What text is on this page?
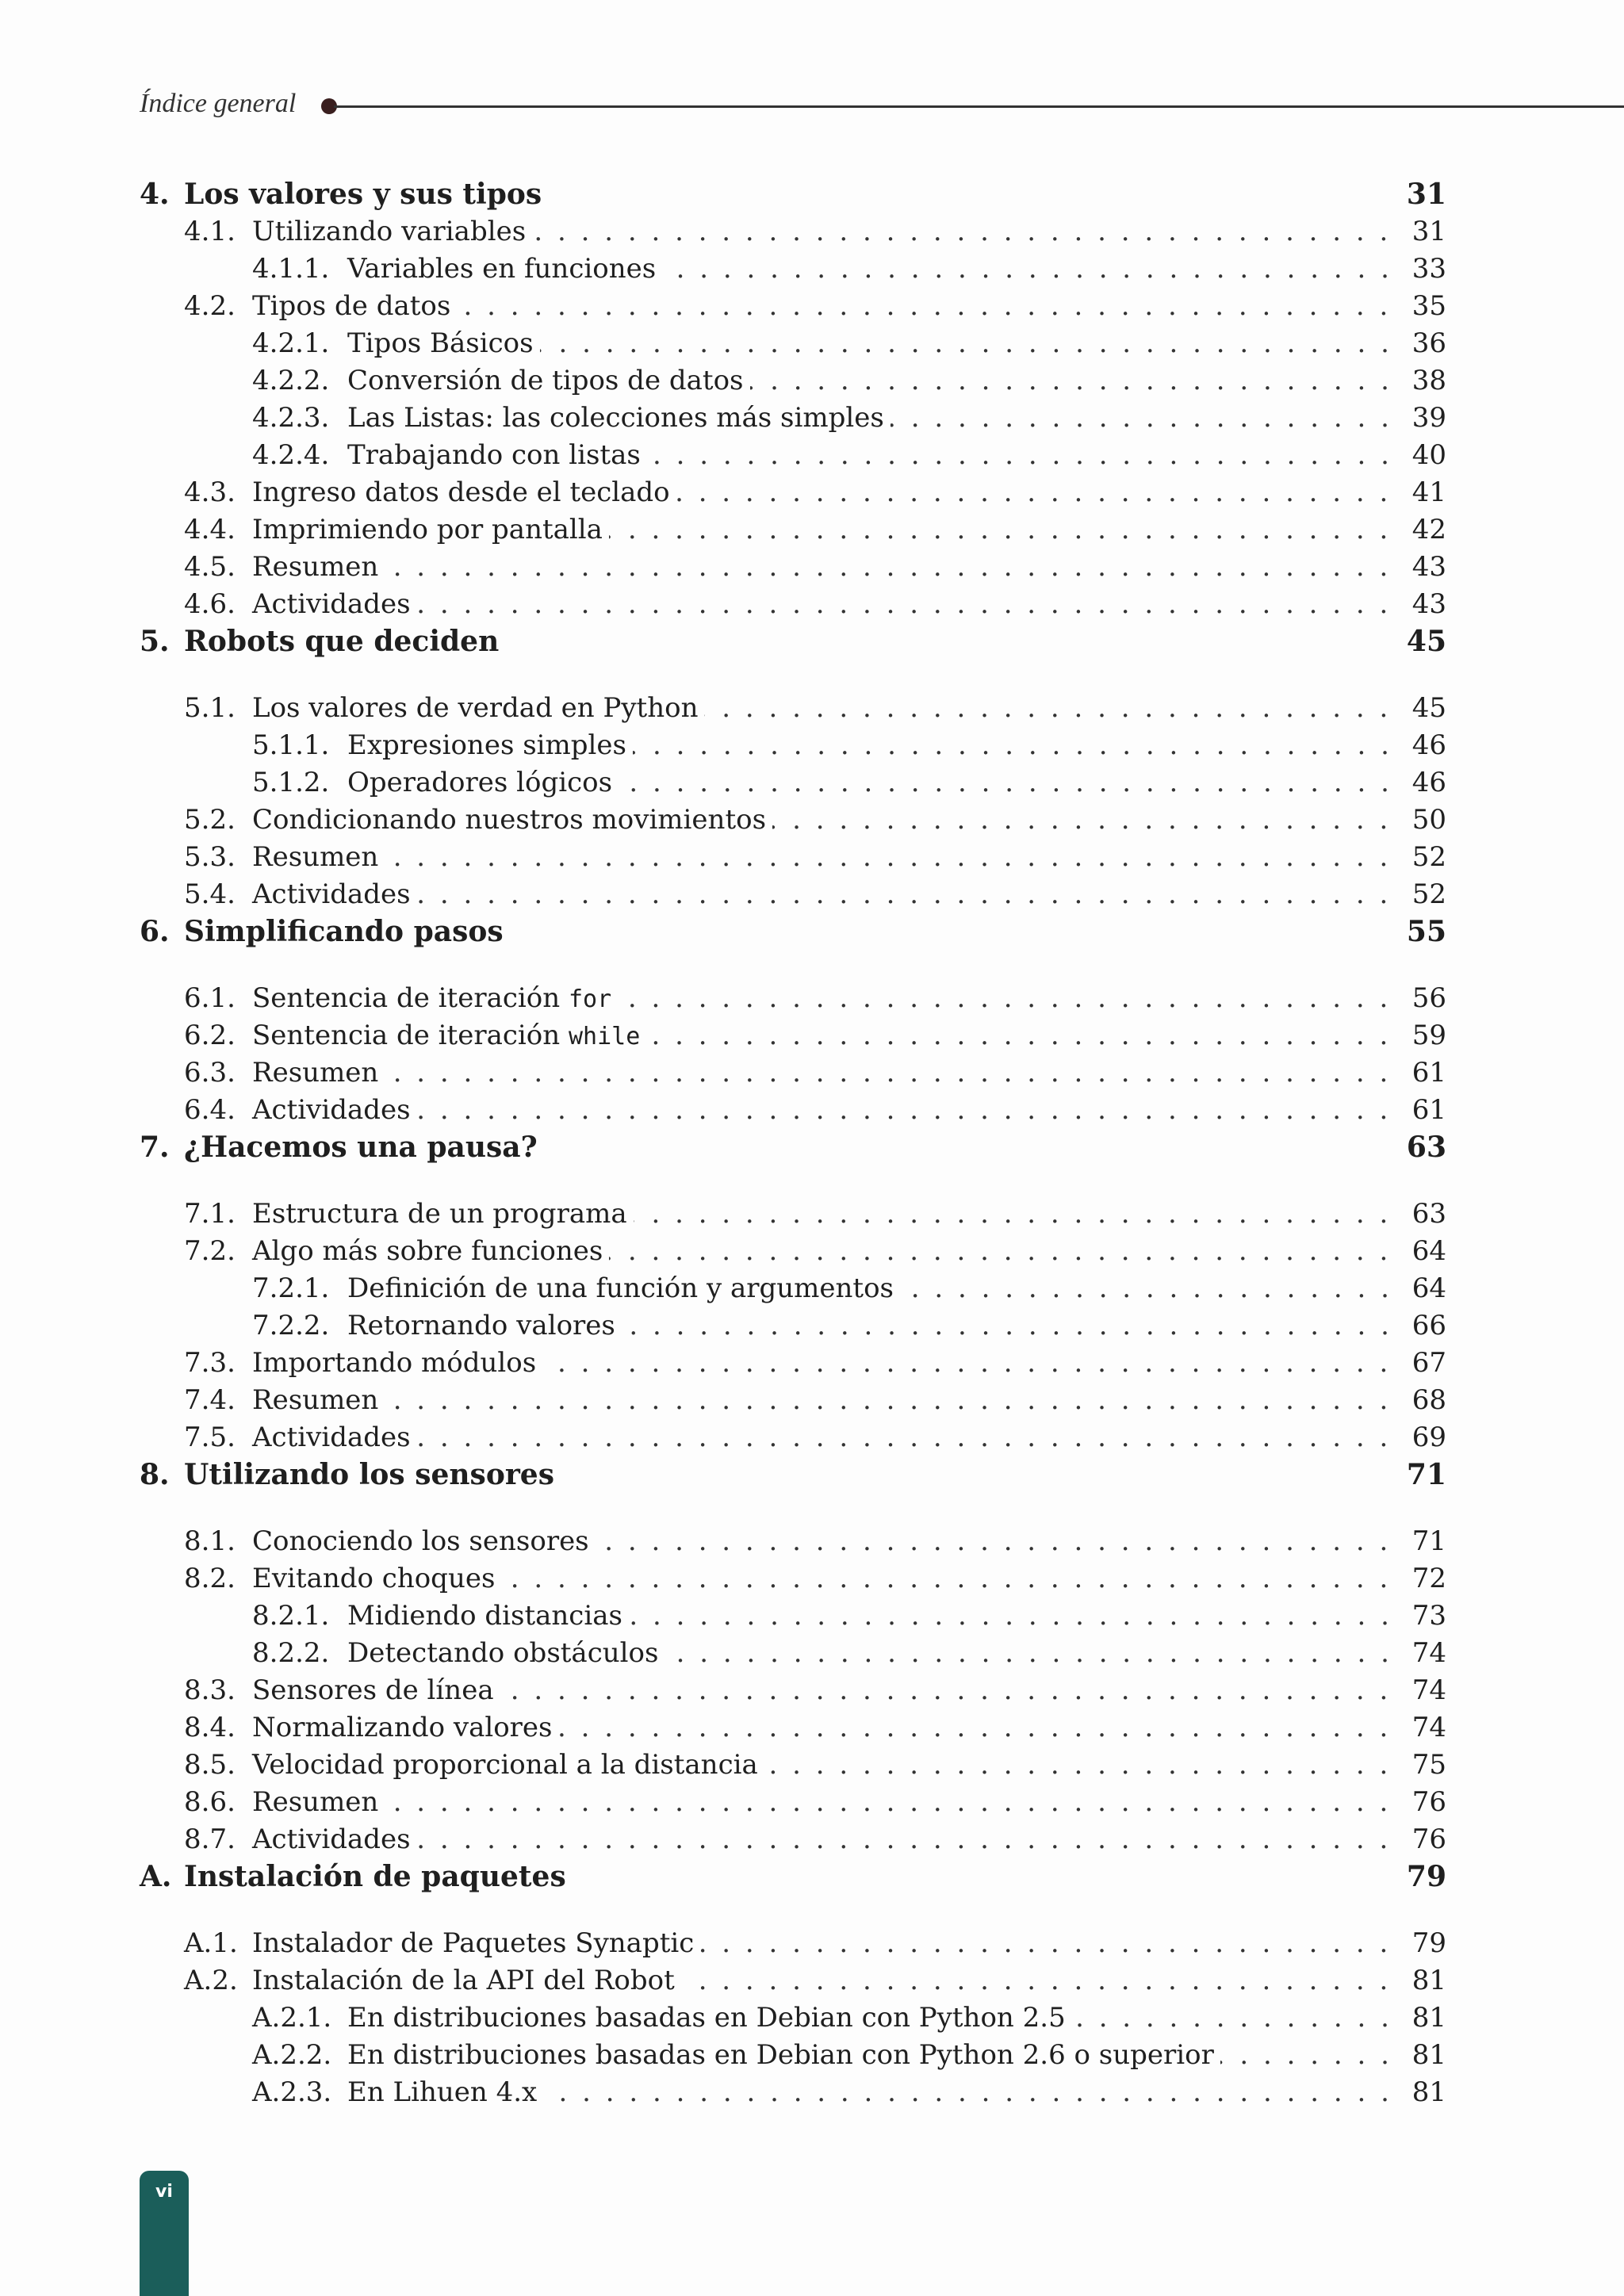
Índice general
4. Los valores y sus tipos	31
. . .
4.1. Utilizando variables	31
. . .
4.1.1. Variables en funciones	33
. . .
4.2. Tipos de datos	35
. . .
4.2.1. Tipos Básicos	36
. . .
4.2.2. Conversión de tipos de datos	38
. . .
4.2.3. Las Listas: las colecciones más simples	39
. . .
4.2.4. Trabajando con listas	40
. . .
4.3. Ingreso datos desde el teclado	41
. . .
4.4. Imprimiendo por pantalla	42
. . .
4.5. Resumen	43
. . .
4.6. Actividades	43
5. Robots que deciden	45
. . .
5.1. Los valores de verdad en Python	45
. . .
5.1.1. Expresiones simples	46
. . .
5.1.2. Operadores lógicos	46
. . .
5.2. Condicionando nuestros movimientos	50
. . .
5.3. Resumen	52
. . .
5.4. Actividades	52
6. Simplificando pasos	55
. . .
6.1. Sentencia de iteración for	56
. . .
6.2. Sentencia de iteración while	59
. . .
6.3. Resumen	61
. . .
6.4. Actividades	61
7. ¿Hacemos una pausa?	63
. . .
7.1. Estructura de un programa	63
. . .
7.2. Algo más sobre funciones	64
. . .
7.2.1. Definición de una función y argumentos	64
. . .
7.2.2. Retornando valores	66
. . .
7.3. Importando módulos	67
. . .
7.4. Resumen	68
. . .
7.5. Actividades	69
8. Utilizando los sensores	71
. . .
8.1. Conociendo los sensores	71
. . .
8.2. Evitando choques	72
. . .
8.2.1. Midiendo distancias	73
. . .
8.2.2. Detectando obstáculos	74
. . .
8.3. Sensores de línea	74
. . .
8.4. Normalizando valores	74
. . .
8.5. Velocidad proporcional a la distancia	75
. . .
8.6. Resumen	76
. . .
8.7. Actividades	76
A. Instalación de paquetes	79
. . .
A.1. Instalador de Paquetes Synaptic	79
. . .
A.2. Instalación de la API del Robot	81
. . .
A.2.1. En distribuciones basadas en Debian con Python 2.5	81
. . .
A.2.2. En distribuciones basadas en Debian con Python 2.6 o superior	81
. . .
A.2.3. En Lihuen 4.x	81
vi
